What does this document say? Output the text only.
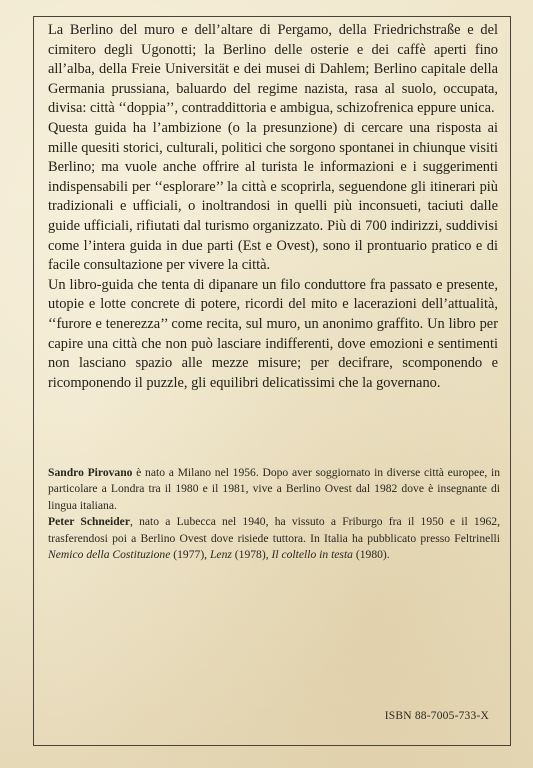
La Berlino del muro e dell’altare di Pergamo, della Friedrichstraße e del cimitero degli Ugonotti; la Berlino delle osterie e dei caffè aperti fino all’alba, della Freie Universität e dei musei di Dahlem; Berlino capitale della Germania prussiana, baluardo del regime nazista, rasa al suolo, occupata, divisa: città ‘‘doppia’’, contraddittoria e ambigua, schizofrenica eppure unica.

Questa guida ha l’ambizione (o la presunzione) di cercare una risposta ai mille quesiti storici, culturali, politici che sorgono spontanei in chiunque visiti Berlino; ma vuole anche offrire al turista le informazioni e i suggerimenti indispensabili per ‘‘esplorare’’ la città e scoprirla, seguendone gli itinerari più tradizionali e ufficiali, o inoltrandosi in quelli più inconsueti, taciuti dalle guide ufficiali, rifiutati dal turismo organizzato. Più di 700 indirizzi, suddivisi come l’intera guida in due parti (Est e Ovest), sono il prontuario pratico e di facile consultazione per vivere la città.

Un libro-guida che tenta di dipanare un filo conduttore fra passato e presente, utopie e lotte concrete di potere, ricordi del mito e lacerazioni dell’attualità, ‘‘furore e tenerezza’’ come recita, sul muro, un anonimo graffito. Un libro per capire una città che non può lasciare indifferenti, dove emozioni e sentimenti non lasciano spazio alle mezze misure; per decifrare, scomponendo e ricomponendo il puzzle, gli equilibri delicatissimi che la governano.

Sandro Pirovano è nato a Milano nel 1956. Dopo aver soggiornato in diverse città europee, in particolare a Londra tra il 1980 e il 1981, vive a Berlino Ovest dal 1982 dove è insegnante di lingua italiana.

Peter Schneider, nato a Lubecca nel 1940, ha vissuto a Friburgo fra il 1950 e il 1962, trasferendosi poi a Berlino Ovest dove risiede tuttora. In Italia ha pubblicato presso Feltrinelli Nemico della Costituzione (1977), Lenz (1978), Il coltello in testa (1980).

ISBN 88-7005-733-X
